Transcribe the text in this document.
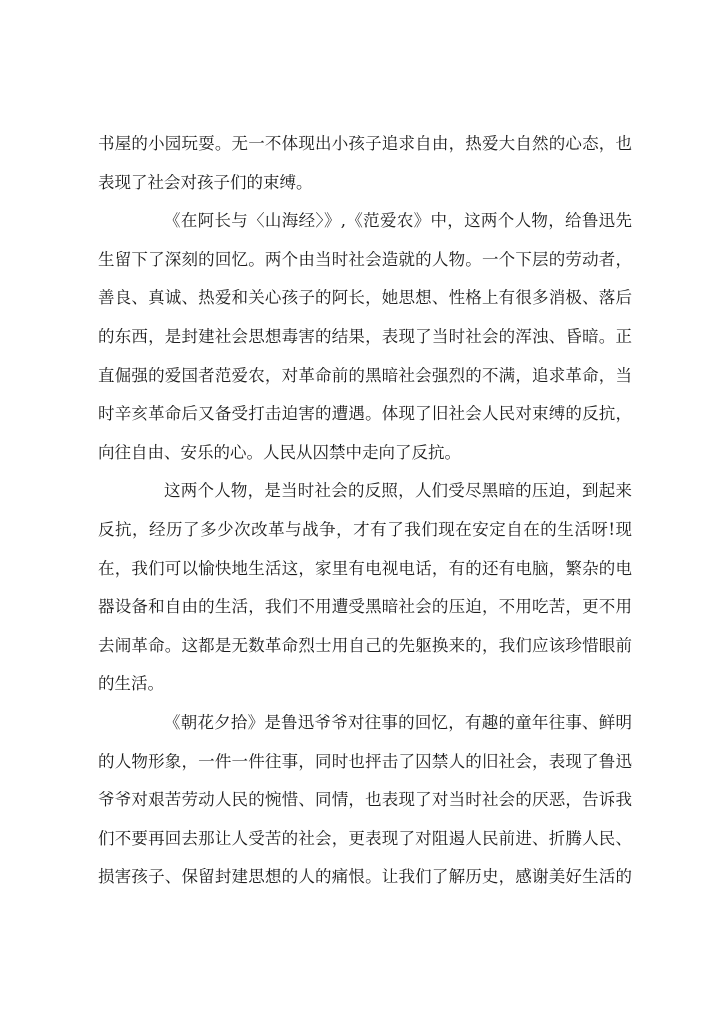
书屋的小园玩耍。无一不体现出小孩子追求自由，热爱大自然的心态，也
表现了社会对孩子们的束缚。
《在阿长与〈山海经〉》,《范爱农》中，这两个人物，给鲁迅先
生留下了深刻的回忆。两个由当时社会造就的人物。一个下层的劳动者，
善良、真诚、热爱和关心孩子的阿长，她思想、性格上有很多消极、落后
的东西，是封建社会思想毒害的结果，表现了当时社会的浑浊、昏暗。正
直倔强的爱国者范爱农，对革命前的黑暗社会强烈的不满，追求革命，当
时辛亥革命后又备受打击迫害的遭遇。体现了旧社会人民对束缚的反抗，
向往自由、安乐的心。人民从囚禁中走向了反抗。
这两个人物，是当时社会的反照，人们受尽黑暗的压迫，到起来
反抗，经历了多少次改革与战争，才有了我们现在安定自在的生活呀!现
在，我们可以愉快地生活这，家里有电视电话，有的还有电脑，繁杂的电
器设备和自由的生活，我们不用遭受黑暗社会的压迫，不用吃苦，更不用
去闹革命。这都是无数革命烈士用自己的先躯换来的，我们应该珍惜眼前
的生活。
《朝花夕拾》是鲁迅爷爷对往事的回忆，有趣的童年往事、鲜明
的人物形象，一件一件往事，同时也抨击了囚禁人的旧社会，表现了鲁迅
爷爷对艰苦劳动人民的惋惜、同情，也表现了对当时社会的厌恶，告诉我
们不要再回去那让人受苦的社会，更表现了对阻遏人民前进、折腾人民、
损害孩子、保留封建思想的人的痛恨。让我们了解历史，感谢美好生活的
